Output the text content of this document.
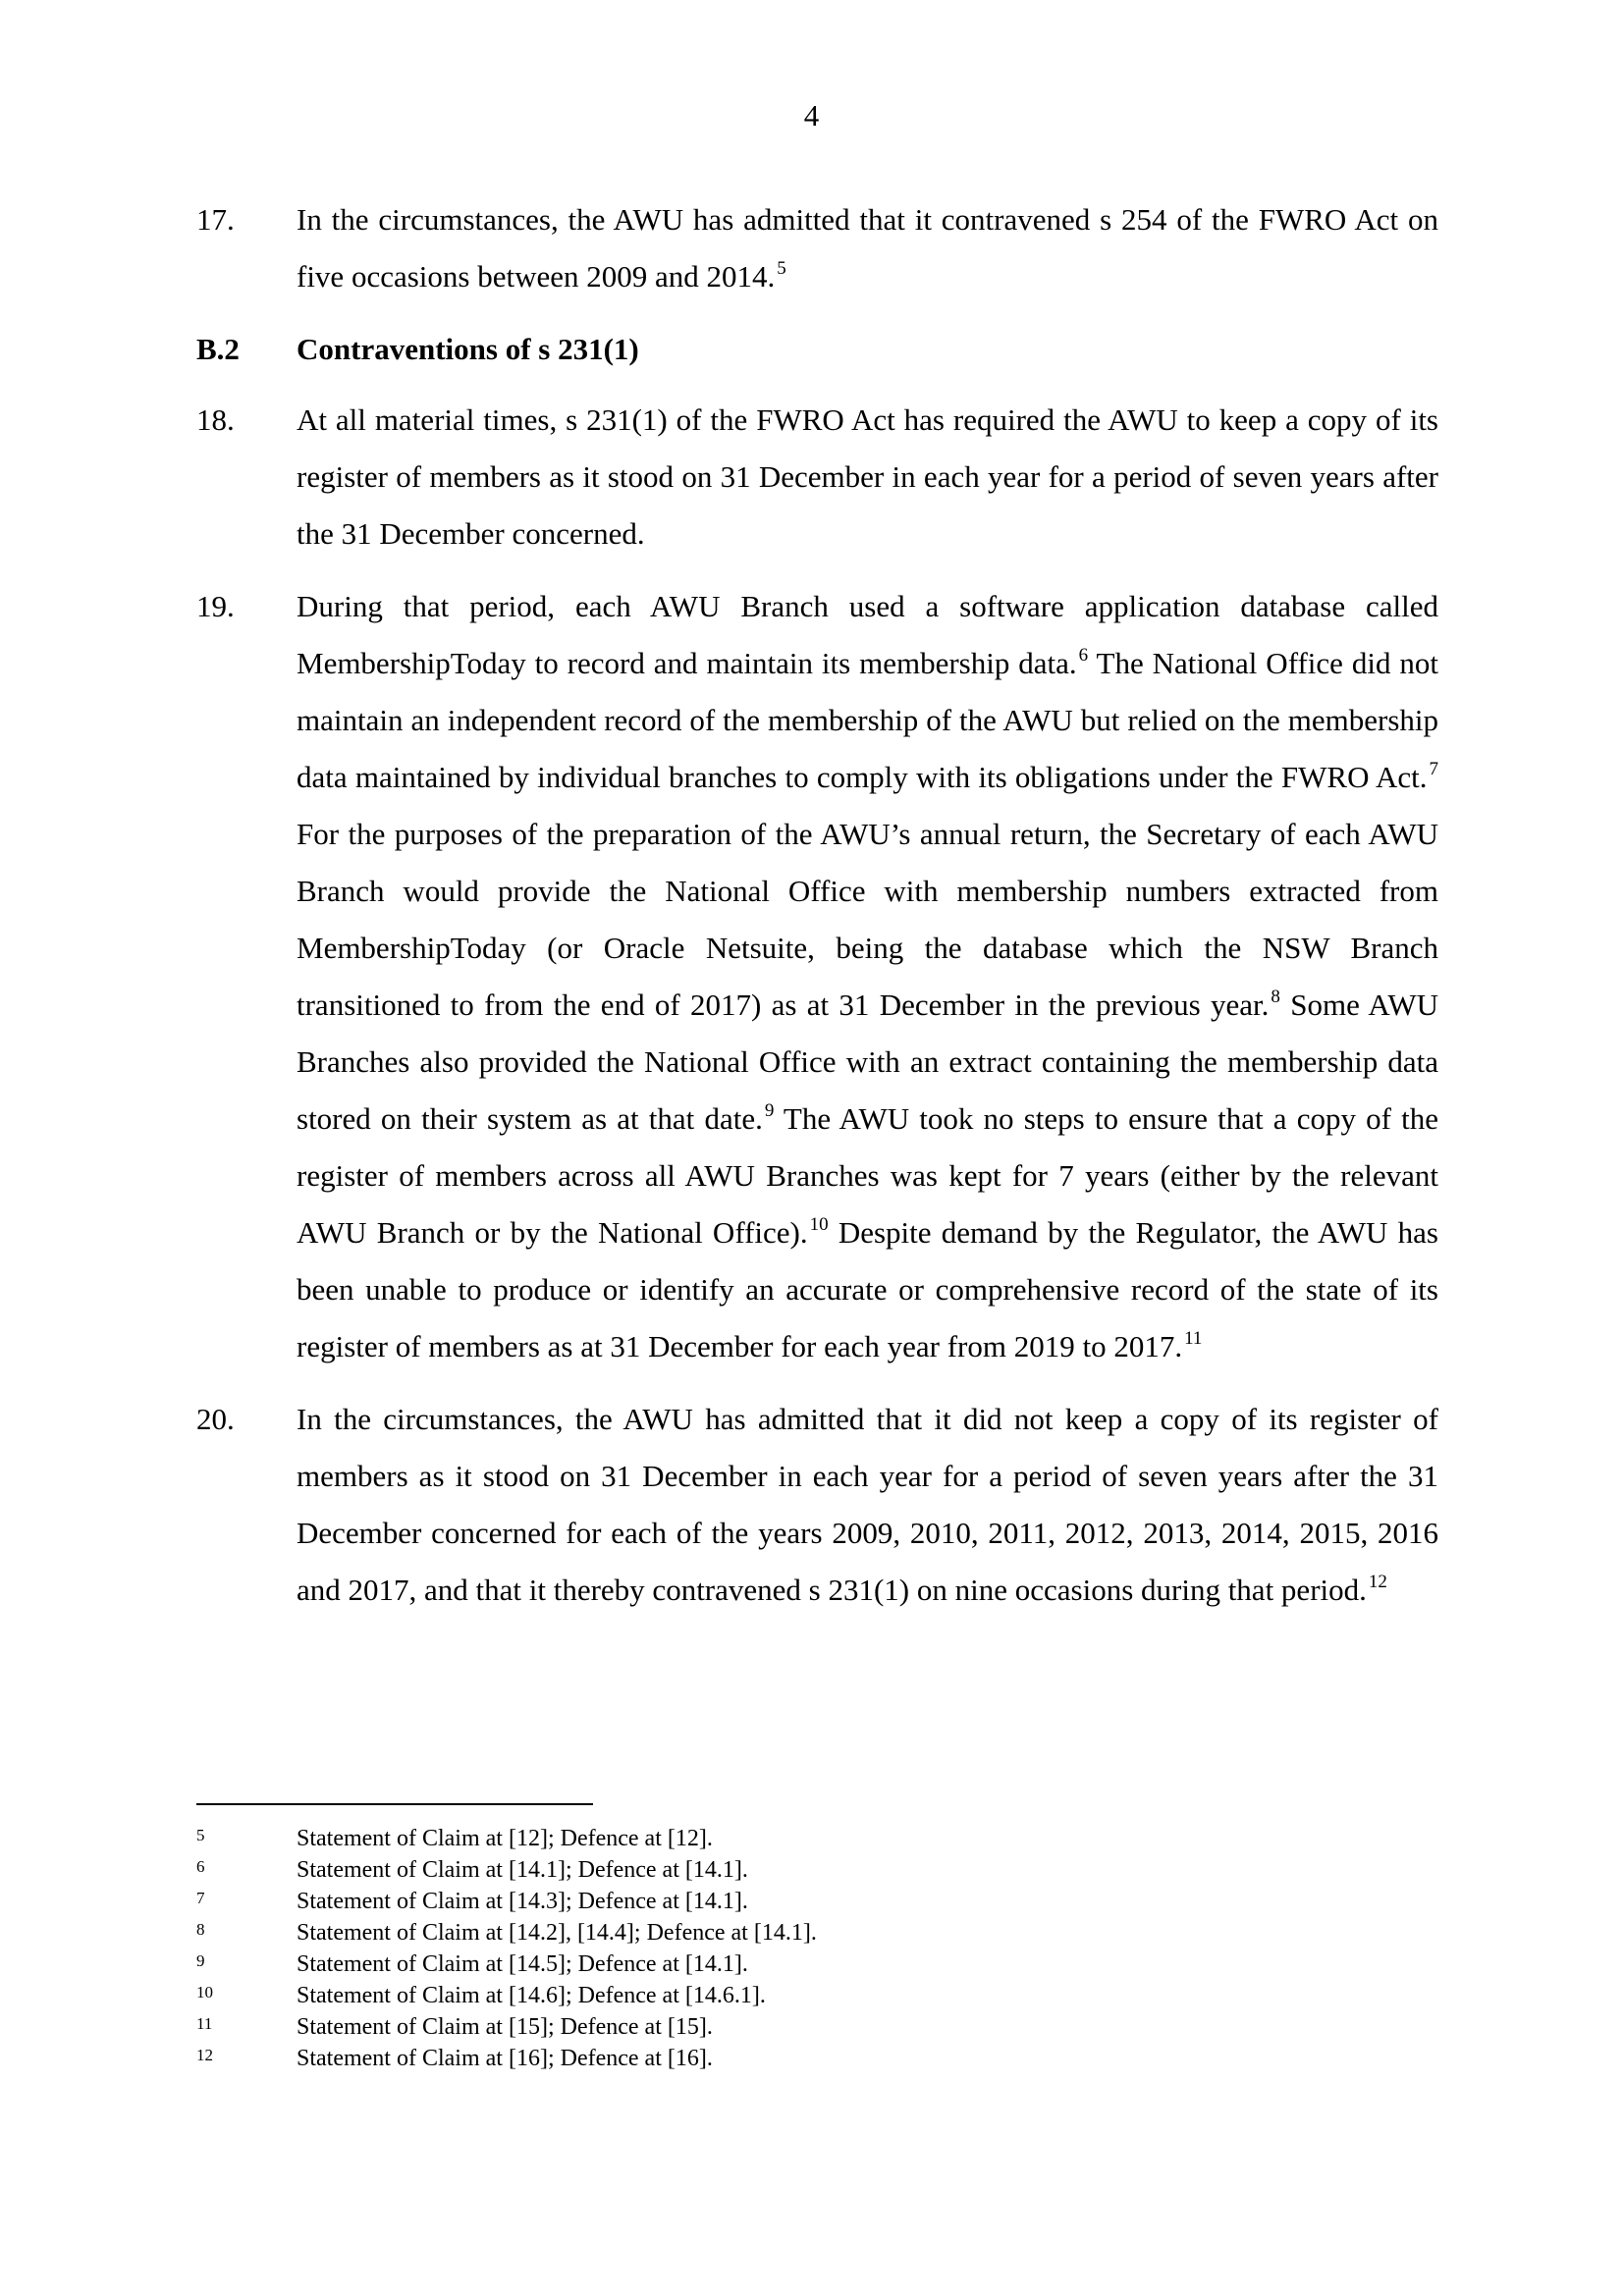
4
17.	In the circumstances, the AWU has admitted that it contravened s 254 of the FWRO Act on five occasions between 2009 and 2014. $^5$
B.2	Contraventions of s 231(1)
18.	At all material times, s 231(1) of the FWRO Act has required the AWU to keep a copy of its register of members as it stood on 31 December in each year for a period of seven years after the 31 December concerned.
19.	During that period, each AWU Branch used a software application database called MembershipToday to record and maintain its membership data. $^6$ The National Office did not maintain an independent record of the membership of the AWU but relied on the membership data maintained by individual branches to comply with its obligations under the FWRO Act. $^7$ For the purposes of the preparation of the AWU’s annual return, the Secretary of each AWU Branch would provide the National Office with membership numbers extracted from MembershipToday (or Oracle Netsuite, being the database which the NSW Branch transitioned to from the end of 2017) as at 31 December in the previous year. $^8$ Some AWU Branches also provided the National Office with an extract containing the membership data stored on their system as at that date. $^9$ The AWU took no steps to ensure that a copy of the register of members across all AWU Branches was kept for 7 years (either by the relevant AWU Branch or by the National Office). $^{10}$ Despite demand by the Regulator, the AWU has been unable to produce or identify an accurate or comprehensive record of the state of its register of members as at 31 December for each year from 2019 to 2017. $^{11}$
20.	In the circumstances, the AWU has admitted that it did not keep a copy of its register of members as it stood on 31 December in each year for a period of seven years after the 31 December concerned for each of the years 2009, 2010, 2011, 2012, 2013, 2014, 2015, 2016 and 2017, and that it thereby contravened s 231(1) on nine occasions during that period. $^{12}$
5	Statement of Claim at [12]; Defence at [12].
6	Statement of Claim at [14.1]; Defence at [14.1].
7	Statement of Claim at [14.3]; Defence at [14.1].
8	Statement of Claim at [14.2], [14.4]; Defence at [14.1].
9	Statement of Claim at [14.5]; Defence at [14.1].
10	Statement of Claim at [14.6]; Defence at [14.6.1].
11	Statement of Claim at [15]; Defence at [15].
12	Statement of Claim at [16]; Defence at [16].
